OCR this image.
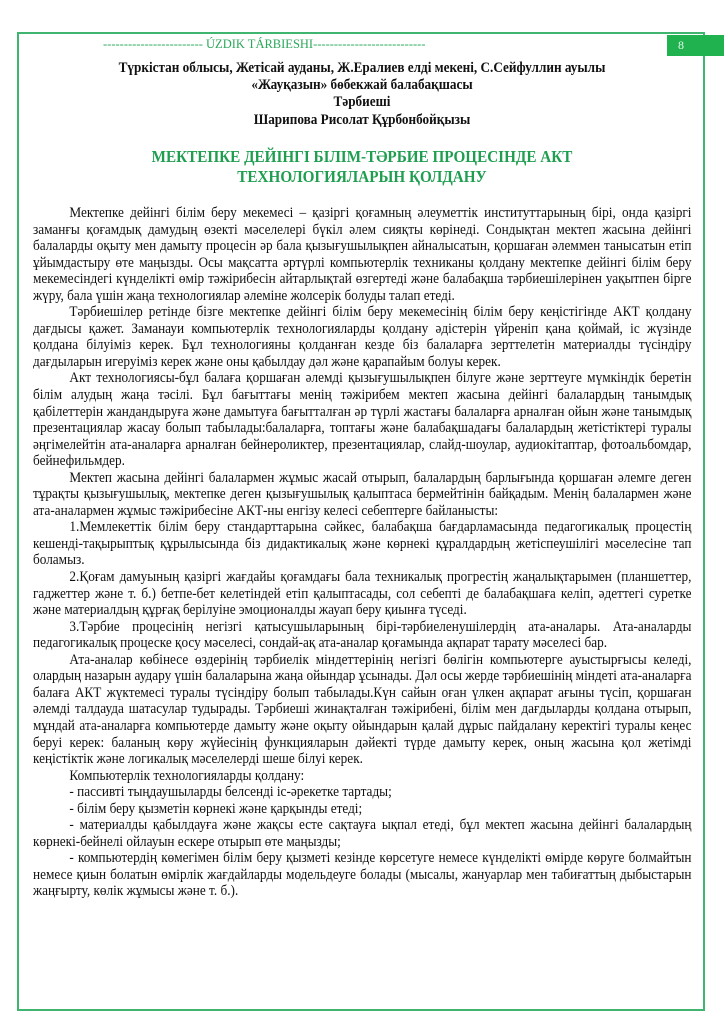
------------------------ ÚZDIK TÁRBIESHI---------------------------	8
Түркістан облысы, Жетісай ауданы, Ж.Ералиев елді мекені, С.Сейфуллин ауылы
«Жауқазын» бөбекжай балабақшасы
Тәрбиеші
Шарипова Рисолат Құрбонбойқызы
МЕКТЕПКЕ ДЕЙІНГІ БІЛІМ-ТӘРБИЕ ПРОЦЕСІНДЕ АКТ
ТЕХНОЛОГИЯЛАРЫН ҚОЛДАНУ

Мектепке дейінгі білім беру мекемесі – қазіргі қоғамның әлеуметтік институттарының бірі, онда қазіргі заманғы қоғамдық дамудың өзекті мәселелері бүкіл әлем сияқты көрінеді. Сондықтан мектеп жасына дейінгі балаларды оқыту мен дамыту процесін әр бала қызығушылықпен айналысатын, қоршаған әлеммен танысатын етіп ұйымдастыру өте маңызды. Осы мақсатта әртүрлі компьютерлік техниканы қолдану мектепке дейінгі білім беру мекемесіндегі күнделікті өмір тәжірибесін айтарлықтай өзгертеді және балабақша тәрбиешілерінен уақытпен бірге жүру, бала үшін жаңа технологиялар әлеміне жолсерік болуды талап етеді.

Тәрбиешілер ретінде бізге мектепке дейінгі білім беру мекемесінің білім беру кеңістігінде АКТ қолдану дағдысы қажет. Заманауи компьютерлік технологияларды қолдану әдістерін үйреніп қана қоймай, іс жүзінде қолдана білуіміз керек. Бұл технологияны қолданған кезде біз балаларға зерттелетін материалды түсіндіру дағдыларын игеруіміз керек және оны қабылдау дәл және қарапайым болуы керек.

Акт технологиясы-бұл балаға қоршаған әлемді қызығушылықпен білуге және зерттеуге мүмкіндік беретін білім алудың жаңа тәсілі. Бұл бағыттағы менің тәжірибем мектеп жасына дейінгі балалардың танымдық қабілеттерін жандандыруға және дамытуға бағытталған әр түрлі жастағы балаларға арналған ойын және танымдық презентациялар жасау болып табылады:балаларға, топтағы және балабақшадағы балалардың жетістіктері туралы әңгімелейтін ата-аналарға арналған бейнероликтер, презентациялар, слайд-шоулар, аудиокітаптар, фотоальбомдар, бейнефильмдер.

Мектеп жасына дейінгі балалармен жұмыс жасай отырып, балалардың барлығында қоршаған әлемге деген тұрақты қызығушылық, мектепке деген қызығушылық қалыптаса бермейтінін байқадым. Менің балалармен және ата-аналармен жұмыс тәжірибесіне АКТ-ны енгізу келесі себептерге байланысты:

1.Мемлекеттік білім беру стандарттарына сәйкес, балабақша бағдарламасында педагогикалық процестің кешенді-тақырыптық құрылысында біз дидактикалық және көрнекі құралдардың жетіспеушілігі мәселесіне тап боламыз.

2.Қоғам дамуының қазіргі жағдайы қоғамдағы бала техникалық прогрестің жаңалықтарымен (планшеттер, гаджеттер және т. б.) бетпе-бет келетіндей етіп қалыптасады, сол себепті де балабақшаға келіп, әдеттегі суретке және материалдың құрғақ берілуіне эмоционалды жауап беру қиынға түседі.

3.Тәрбие процесінің негізгі қатысушыларының бірі-тәрбиеленушілердің ата-аналары. Ата-аналарды педагогикалық процеске қосу мәселесі, сондай-ақ ата-аналар қоғамында ақпарат тарату мәселесі бар.

Ата-аналар көбінесе өздерінің тәрбиелік міндеттерінің негізгі бөлігін компьютерге ауыстырғысы келеді, олардың назарын аудару үшін балаларына жаңа ойындар ұсынады. Дәл осы жерде тәрбиешінің міндеті ата-аналарға балаға АКТ жүктемесі туралы түсіндіру болып табылады.Күн сайын оған үлкен ақпарат ағыны түсіп, қоршаған әлемді талдауда шатасулар тудырады. Тәрбиеші жинақталған тәжірибені, білім мен дағдыларды қолдана отырып, мұндай ата-аналарға компьютерде дамыту және оқыту ойындарын қалай дұрыс пайдалану керектігі туралы кеңес беруі керек: баланың көру жүйесінің функцияларын дәйекті түрде дамыту керек, оның жасына қол жетімді кеңістіктік және логикалық мәселелерді шеше білуі керек.

Компьютерлік технологияларды қолдану:

- пассивті тыңдаушыларды белсенді іс-әрекетке тартады;

- білім беру қызметін көрнекі және қарқынды етеді;

- материалды қабылдауға және жақсы есте сақтауға ықпал етеді, бұл мектеп жасына дейінгі балалардың көрнекі-бейнелі ойлауын ескере отырып өте маңызды;

- компьютердің көмегімен білім беру қызметі кезінде көрсетуге немесе күнделікті өмірде көруге болмайтын немесе қиын болатын өмірлік жағдайларды модельдеуге болады (мысалы, жануарлар мен табиғаттың дыбыстарын жаңғырту, көлік жұмысы және т. б.).
